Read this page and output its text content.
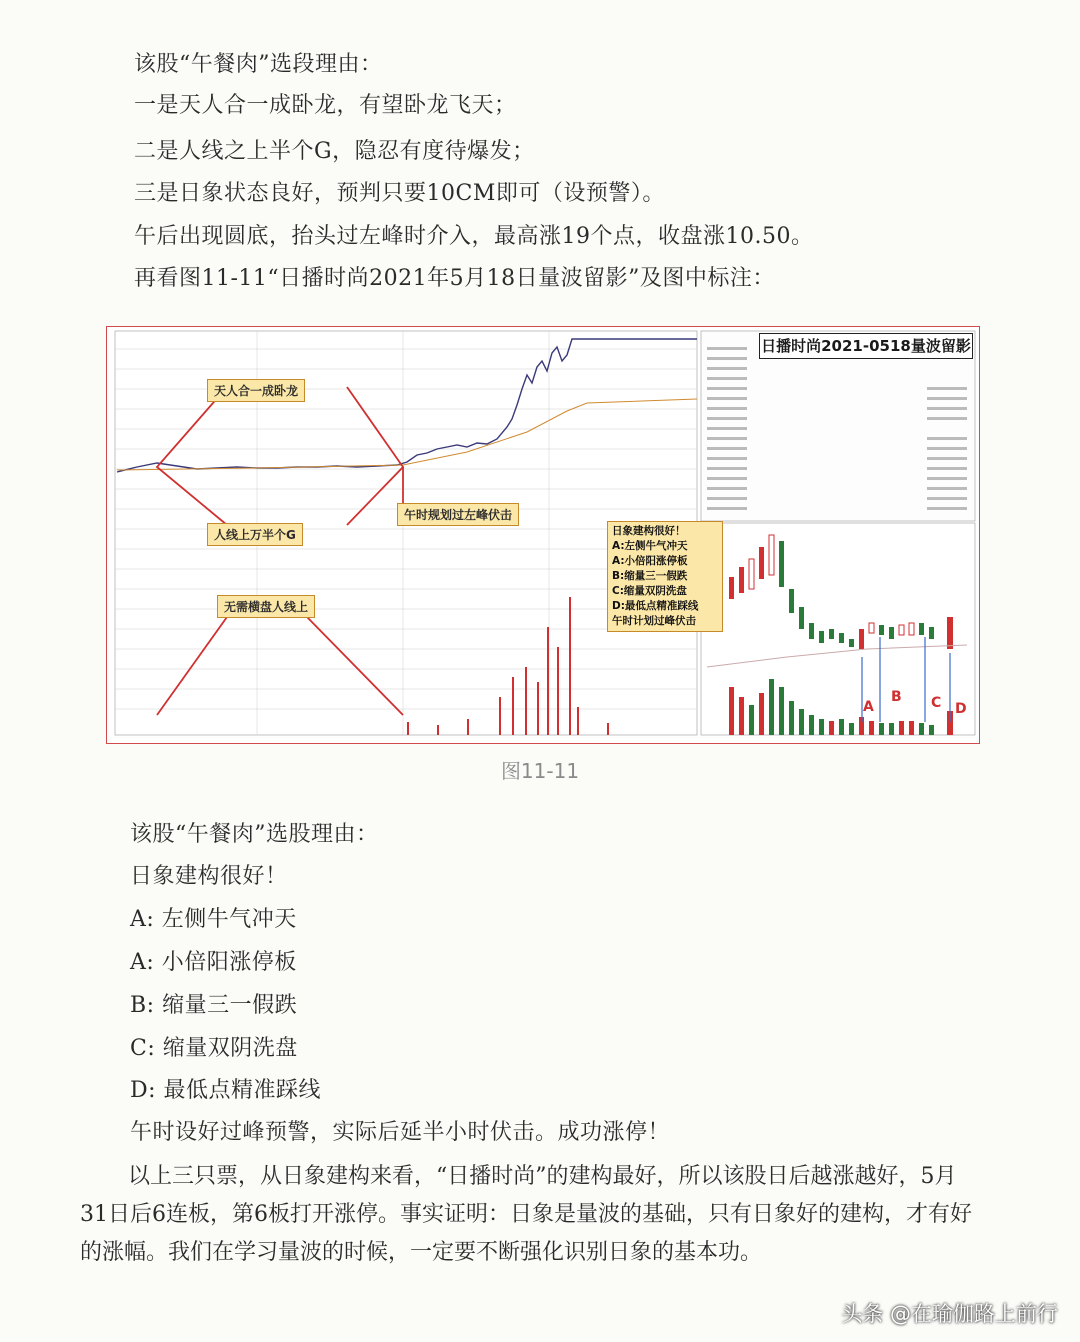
该股“午餐肉”选段理由：
一是天人合一成卧龙，有望卧龙飞天；
二是人线之上半个G，隐忍有度待爆发；
三是日象状态良好，预判只要10CM即可（设预警）。
午后出现圆底，抬头过左峰时介入，最高涨19个点，收盘涨10.50。
再看图11-11“日播时尚2021年5月18日量波留影”及图中标注：
日播时尚2021-0518量波留影
天人合一成卧龙
人线上万半个G
无需横盘人线上
午时规划过左峰伏击
日象建构很好！
A:左侧牛气冲天
A:小倍阳涨停板
B:缩量三一假跌
C:缩量双阴洗盘
D:最低点精准踩线
午时计划过峰伏击
A
B C D
图11-11
该股“午餐肉”选股理由：
日象建构很好！
A: 左侧牛气冲天
A: 小倍阳涨停板
B: 缩量三一假跌
C: 缩量双阴洗盘
D: 最低点精准踩线
午时设好过峰预警，实际后延半小时伏击。成功涨停！
以上三只票，从日象建构来看，“日播时尚”的建构最好，所以该股日后越涨越好，5月31日后6连板，第6板打开涨停。事实证明：日象是量波的基础，只有日象好的建构，才有好的涨幅。我们在学习量波的时候，一定要不断强化识别日象的基本功。
头条 @在瑜伽路上前行
